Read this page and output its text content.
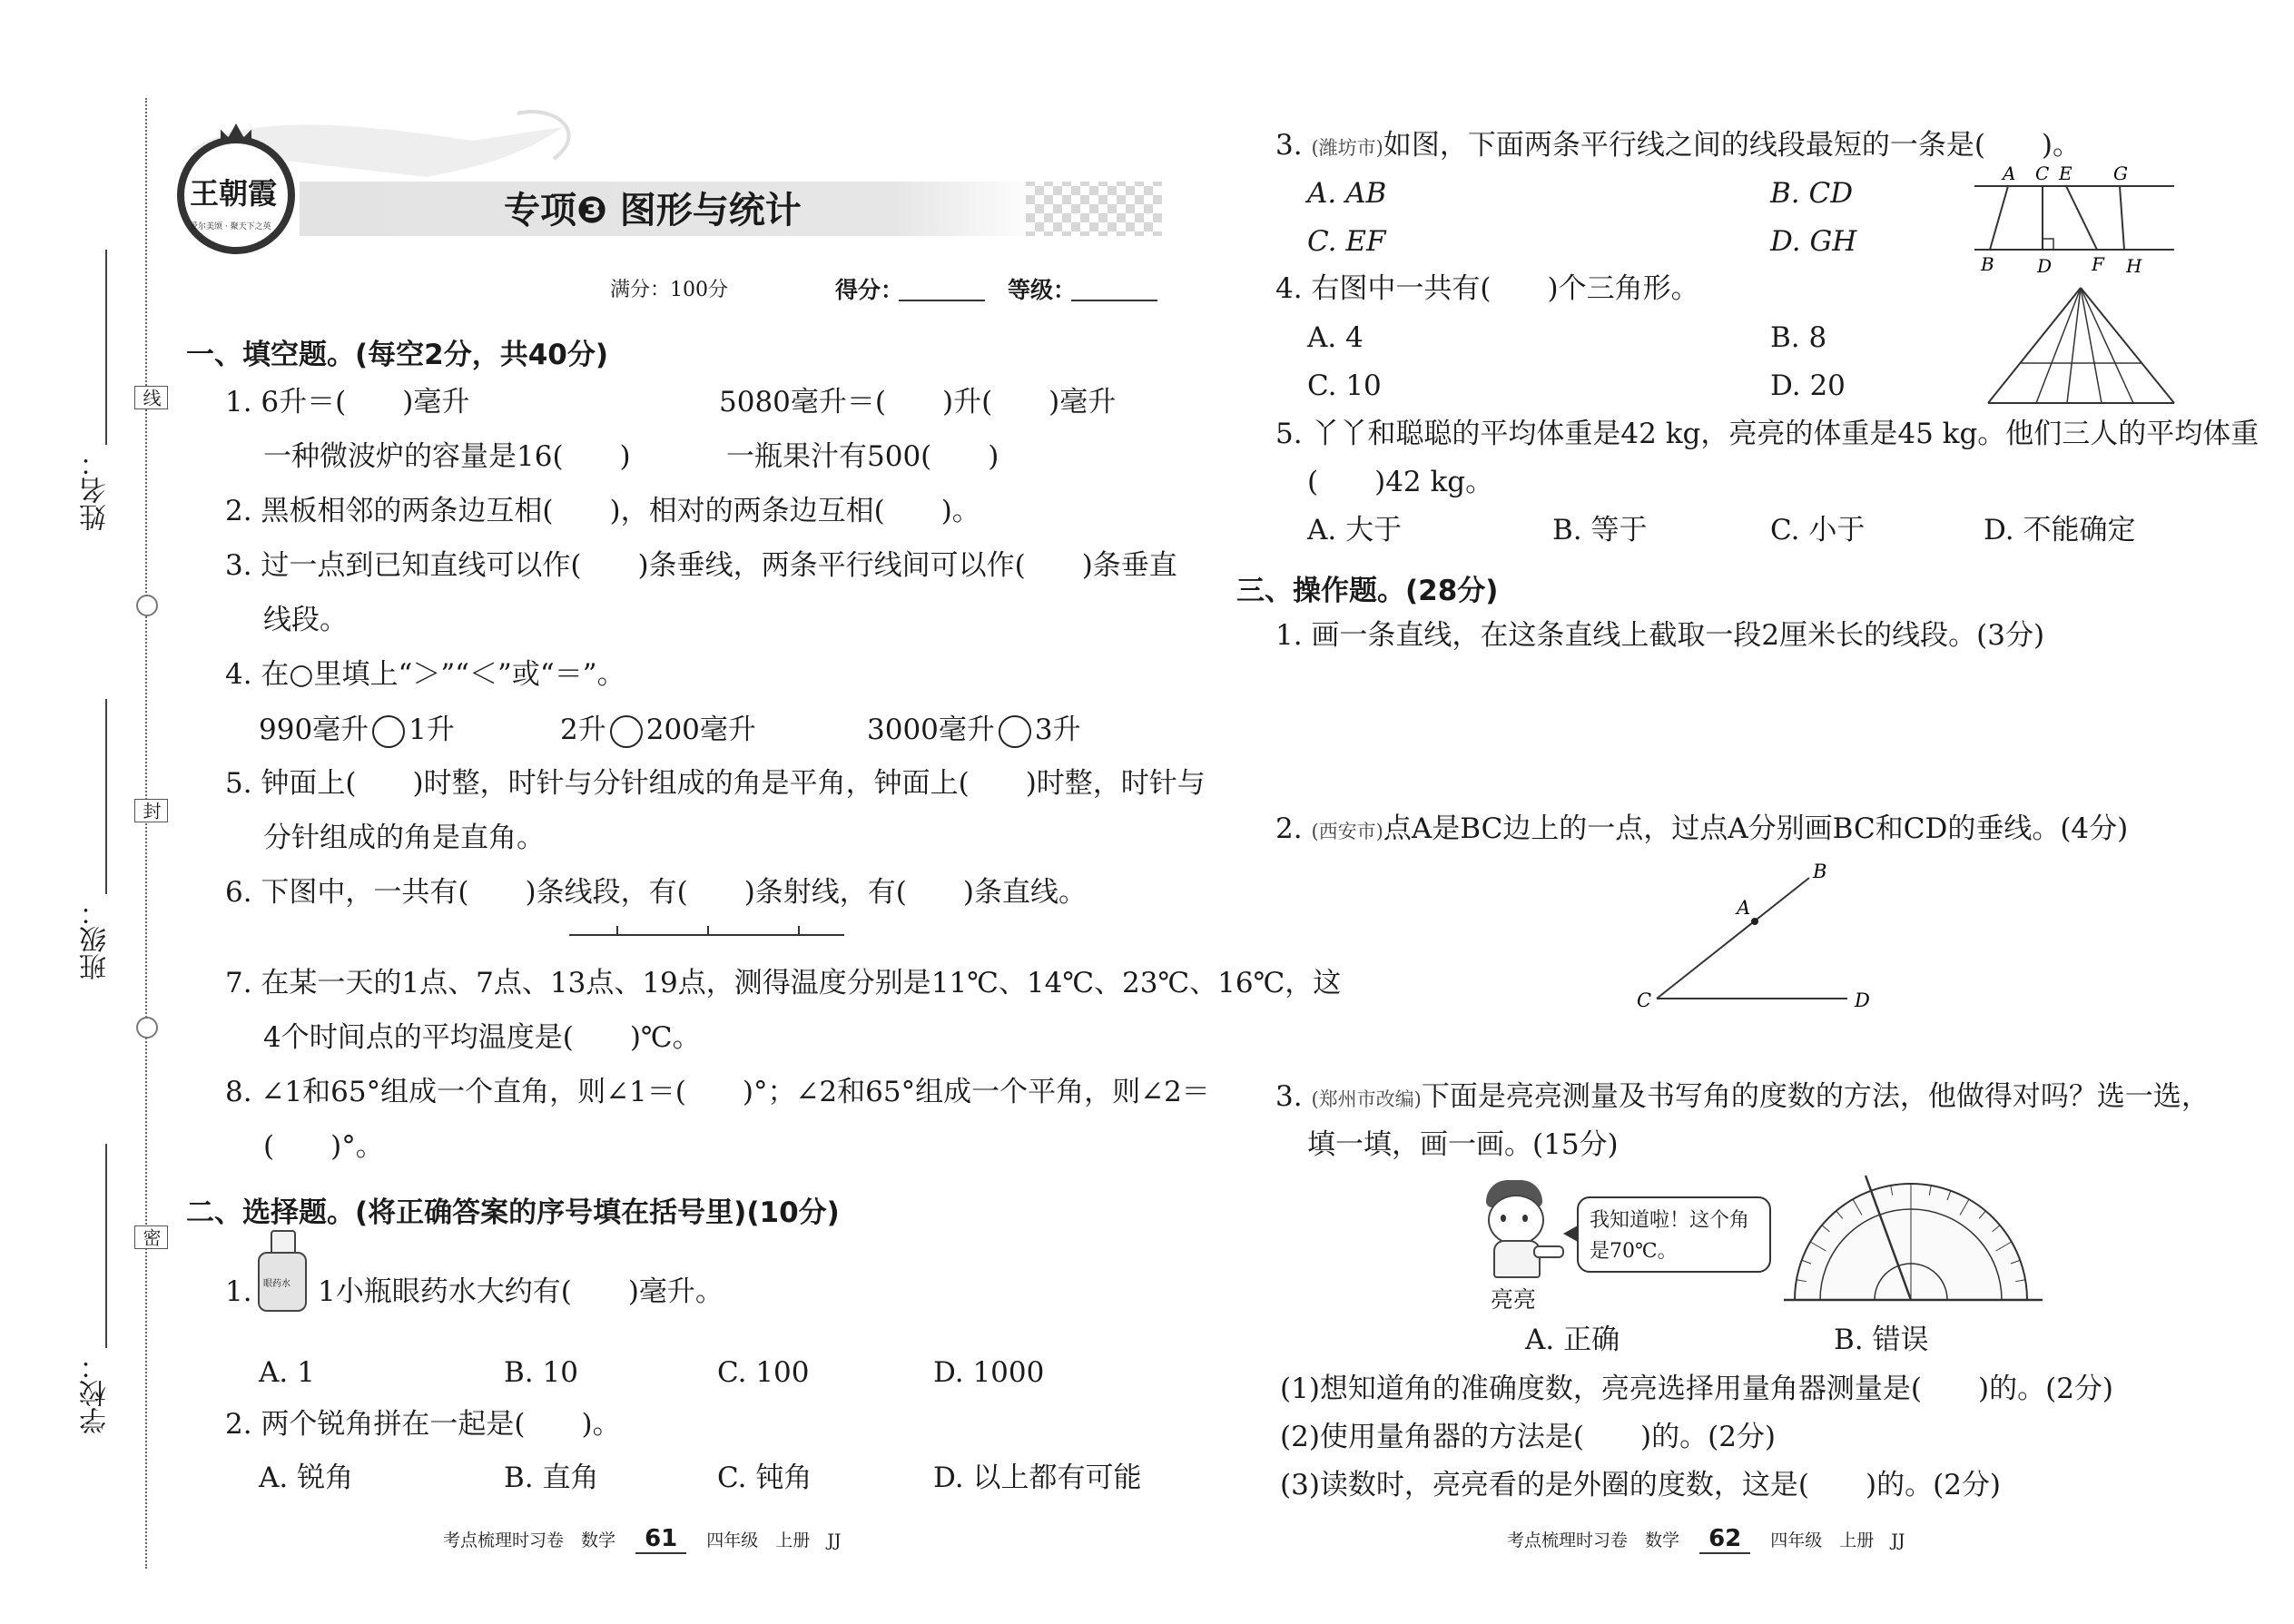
姓名：
班级：
学校：
线
封
密
王朝霞
爱尔美颂 · 聚天下之英	专项❸ 图形与统计
满分：100分	得分：	等级：
一、填空题。(每空2分，共40分)
1. 6升＝(　　)毫升	5080毫升＝(　　)升(　　)毫升
一种微波炉的容量是16(　　)	一瓶果汁有500(　　)
2. 黑板相邻的两条边互相(　　)，相对的两条边互相(　　)。
3. 过一点到已知直线可以作(　　)条垂线，两条平行线间可以作(　　)条垂直
线段。
4. 在○里填上“＞”“＜”或“＝”。
990毫升 1升	2升 200毫升	3000毫升 3升
5. 钟面上(　　)时整，时针与分针组成的角是平角，钟面上(　　)时整，时针与
分针组成的角是直角。
6. 下图中，一共有(　　)条线段，有(　　)条射线，有(　　)条直线。
7. 在某一天的1点、7点、13点、19点，测得温度分别是11℃、14℃、23℃、16℃，这
4个时间点的平均温度是(　　)℃。
8. ∠1和65°组成一个直角，则∠1＝(　　)°；∠2和65°组成一个平角，则∠2＝
(　　)°。
二、选择题。(将正确答案的序号填在括号里)(10分)
1. 眼药水 1小瓶眼药水大约有(　　)毫升。
A. 1	B. 10	C. 100	D. 1000
2. 两个锐角拼在一起是(　　)。
A. 锐角	B. 直角	C. 钝角	D. 以上都有可能
考点梳理时习卷　数学 61 四年级　上册　JJ
3. (潍坊市)如图，下面两条平行线之间的线段最短的一条是(　　)。
A. AB	B. CD
C. EF	D. GH
A C E G
B D F H
4. 右图中一共有(　　)个三角形。
A. 4	B. 8
C. 10	D. 20
5. 丫丫和聪聪的平均体重是42 kg，亮亮的体重是45 kg。他们三人的平均体重
(　　)42 kg。
A. 大于	B. 等于	C. 小于	D. 不能确定
三、操作题。(28分)
1. 画一条直线，在这条直线上截取一段2厘米长的线段。(3分)
2. (西安市)点A是BC边上的一点，过点A分别画BC和CD的垂线。(4分)
A
B
C	D
3. (郑州市改编)下面是亮亮测量及书写角的度数的方法，他做得对吗？选一选，
填一填，画一画。(15分)
亮亮
我知道啦！这个角是70℃。
A. 正确	B. 错误
(1)想知道角的准确度数，亮亮选择用量角器测量是(　　)的。(2分)
(2)使用量角器的方法是(　　)的。(2分)
(3)读数时，亮亮看的是外圈的度数，这是(　　)的。(2分)
考点梳理时习卷　数学 62 四年级　上册　JJ
